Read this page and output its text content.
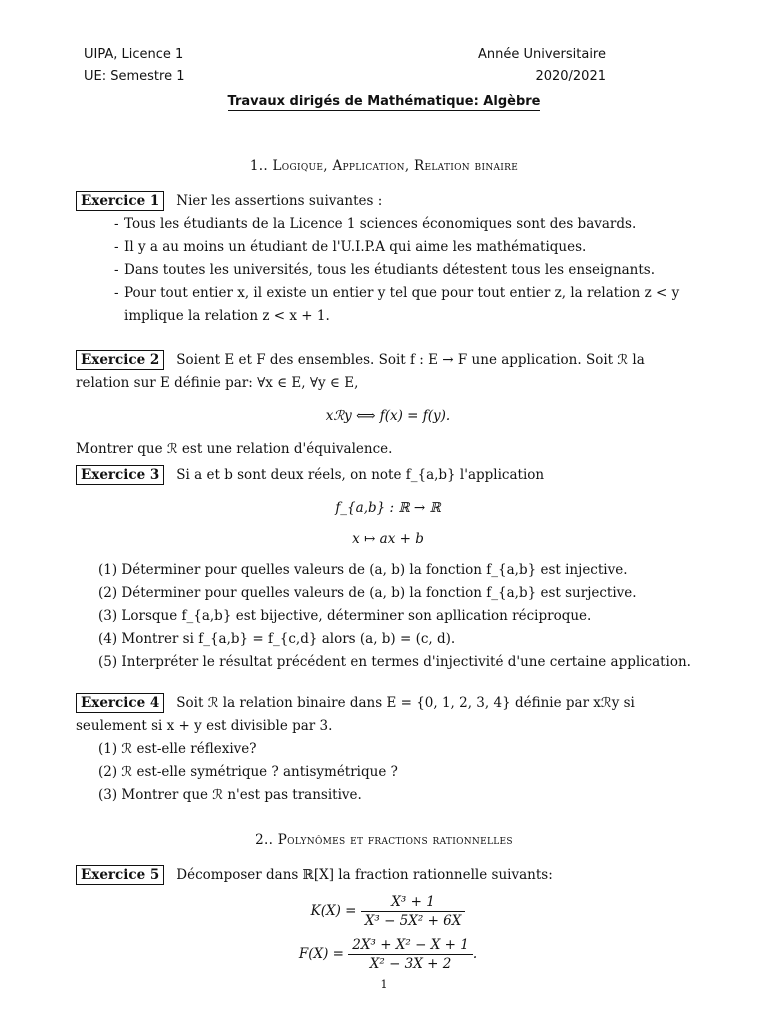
UIPA, Licence 1
UE: Semestre 1
Année Universitaire
2020/2021
Travaux dirigés de Mathématique: Algèbre
1.. Logique, Application, Relation binaire
Exercice 1 Nier les assertions suivantes :
- Tous les étudiants de la Licence 1 sciences économiques sont des bavards.
- Il y a au moins un étudiant de l'U.I.P.A qui aime les mathématiques.
- Dans toutes les universités, tous les étudiants détestent tous les enseignants.
- Pour tout entier x, il existe un entier y tel que pour tout entier z, la relation z < y implique la relation z < x + 1.
Exercice 2 Soient E et F des ensembles. Soit f : E → F une application. Soit ℛ la relation sur E définie par: ∀x ∈ E, ∀y ∈ E,
xℛy ⟺ f(x) = f(y).
Montrer que ℛ est une relation d'équivalence.
Exercice 3 Si a et b sont deux réels, on note f_{a,b} l'application
f_{a,b} : ℝ → ℝ
x ↦ ax + b
(1) Déterminer pour quelles valeurs de (a, b) la fonction f_{a,b} est injective.
(2) Déterminer pour quelles valeurs de (a, b) la fonction f_{a,b} est surjective.
(3) Lorsque f_{a,b} est bijective, déterminer son apllication réciproque.
(4) Montrer si f_{a,b} = f_{c,d} alors (a, b) = (c, d).
(5) Interpréter le résultat précédent en termes d'injectivité d'une certaine application.
Exercice 4 Soit ℛ la relation binaire dans E = {0, 1, 2, 3, 4} définie par xℛy si seulement si x + y est divisible par 3.
(1) ℛ est-elle réflexive?
(2) ℛ est-elle symétrique ? antisymétrique ?
(3) Montrer que ℛ n'est pas transitive.
2.. Polynômes et fractions rationnelles
Exercice 5 Décomposer dans ℝ[X] la fraction rationnelle suivants:
$K(X) = \frac{\text{X³ + 1}}{\text{X³ − 5X² + 6X}}$
$F(X) = \frac{\text{2X³ + X² − X + 1}}{\text{X² − 3X + 2}}$ .
1
